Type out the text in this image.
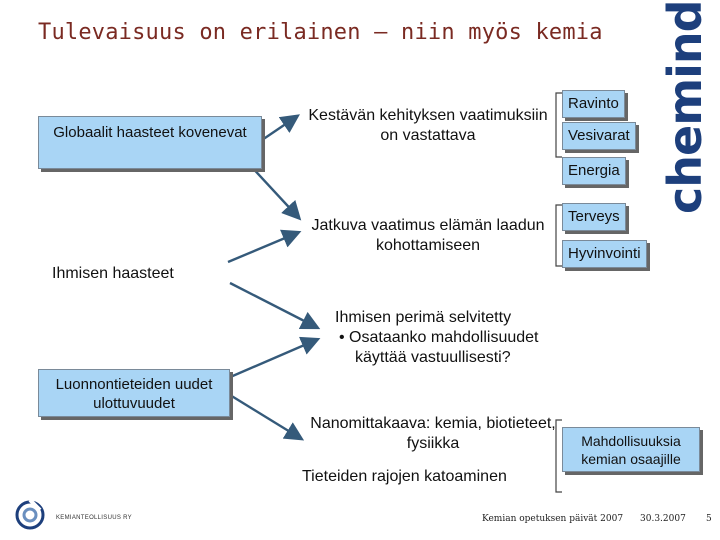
Tulevaisuus on erilainen – niin myös kemia chemind
Globaalit haasteet kovenevat
Ihmisen haasteet
Luonnontieteiden uudet ulottuvuudet
Kestävän kehityksen vaatimuksiin on vastattava
Jatkuva vaatimus elämän laadun kohottamiseen
Ihmisen perimä selvitetty
• Osataanko mahdollisuudet
käyttää vastuullisesti?
Nanomittakaava: kemia, biotieteet, fysiikka
Tieteiden rajojen katoaminen
Ravinto
Vesivarat
Energia
Terveys
Hyvinvointi
Mahdollisuuksia kemian osaajille
KEMIANTEOLLISUUS RY	Kemian opetuksen päivät 2007 30.3.2007 5
